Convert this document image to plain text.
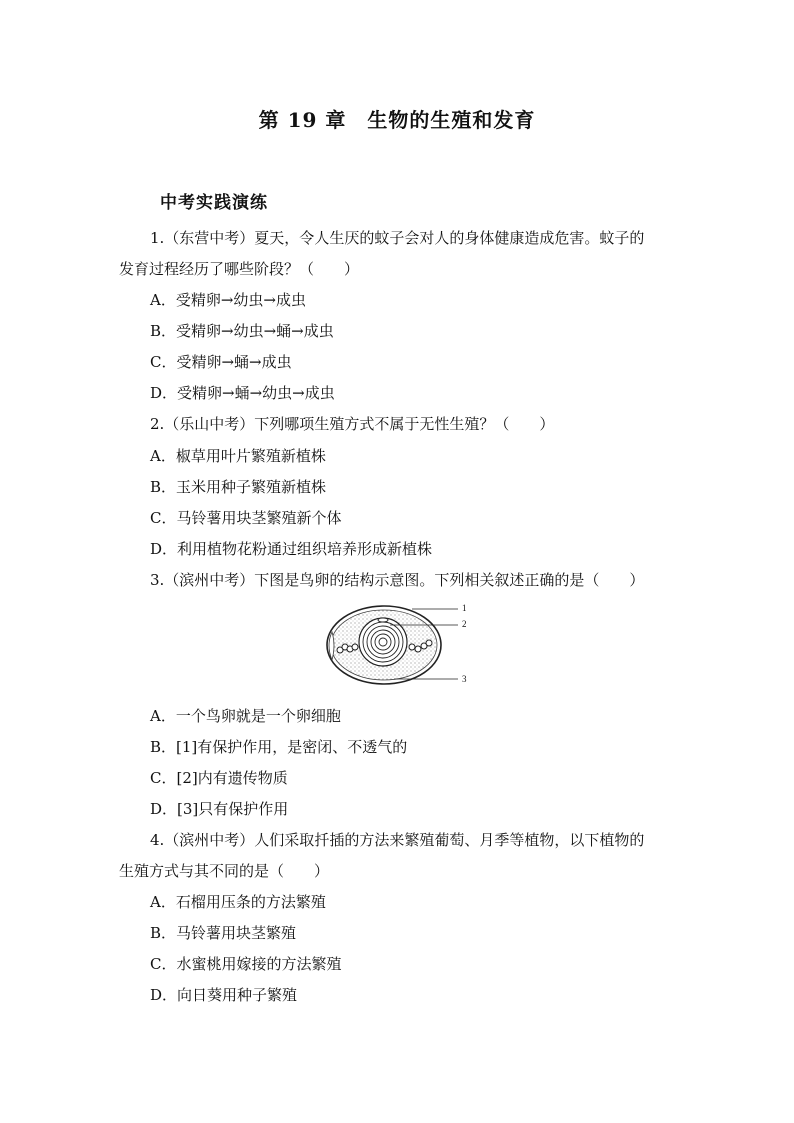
第 19 章　生物的生殖和发育
中考实践演练
1.（东营中考）夏天，令人生厌的蚊子会对人的身体健康造成危害。蚊子的
发育过程经历了哪些阶段？（　　）
A．受精卵→幼虫→成虫
B．受精卵→幼虫→蛹→成虫
C．受精卵→蛹→成虫
D．受精卵→蛹→幼虫→成虫
2.（乐山中考）下列哪项生殖方式不属于无性生殖？（　　）
A．椒草用叶片繁殖新植株
B．玉米用种子繁殖新植株
C．马铃薯用块茎繁殖新个体
D．利用植物花粉通过组织培养形成新植株
3.（滨州中考）下图是鸟卵的结构示意图。下列相关叙述正确的是（　　）
1
2
3
A．一个鸟卵就是一个卵细胞
B．[1]有保护作用，是密闭、不透气的
C．[2]内有遗传物质
D．[3]只有保护作用
4.（滨州中考）人们采取扦插的方法来繁殖葡萄、月季等植物，以下植物的
生殖方式与其不同的是（　　）
A．石榴用压条的方法繁殖
B．马铃薯用块茎繁殖
C．水蜜桃用嫁接的方法繁殖
D．向日葵用种子繁殖
